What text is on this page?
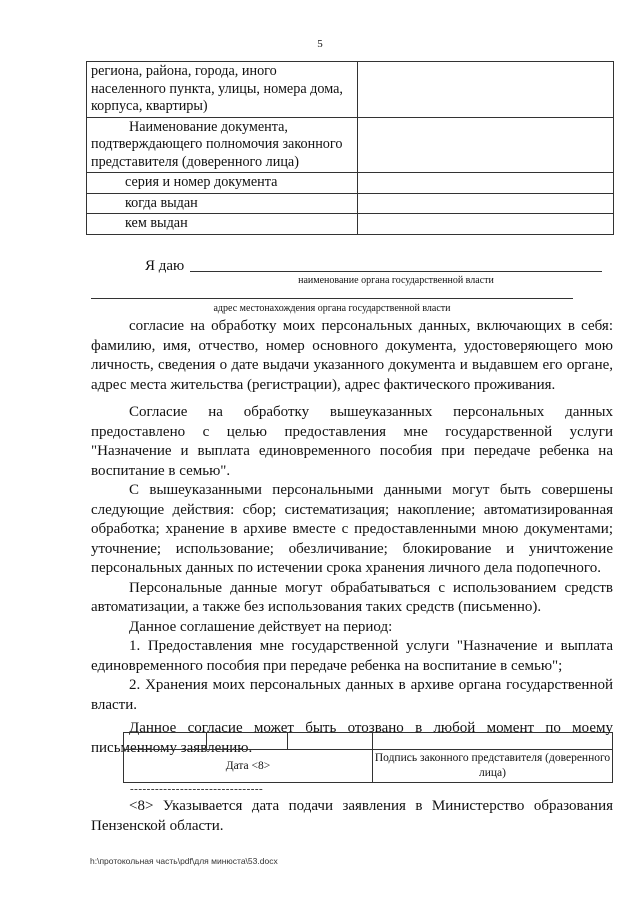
5
региона, района, города, иного населенного пункта, улицы, номера дома, корпуса, квартиры)	
Наименование документа, подтверждающего полномочия законного представителя (доверенного лица)	
серия и номер документа	
когда выдан	
кем выдан	
Я даю
наименование органа государственной власти
адрес местонахождения органа государственной власти

согласие на обработку моих персональных данных, включающих в себя: фамилию, имя, отчество, номер основного документа, удостоверяющего мою личность, сведения о дате выдачи указанного документа и выдавшем его органе, адрес места жительства (регистрации), адрес фактического проживания.

Согласие на обработку вышеуказанных персональных данных предоставлено с целью предоставления мне государственной услуги "Назначение и выплата единовременного пособия при передаче ребенка на воспитание в семью".

С вышеуказанными персональными данными могут быть совершены следующие действия: сбор; систематизация; накопление; автоматизированная обработка; хранение в архиве вместе с предоставленными мною документами; уточнение; использование; обезличивание; блокирование и уничтожение персональных данных по истечении срока хранения личного дела подопечного.

Персональные данные могут обрабатываться с использованием средств автоматизации, а также без использования таких средств (письменно).

Данное соглашение действует на период:

1. Предоставления мне государственной услуги "Назначение и выплата единовременного пособия при передаче ребенка на воспитание в семью";

2. Хранения моих персональных данных в архиве органа государственной власти.

Данное согласие может быть отозвано в любой момент по моему письменному заявлению.

Дата <8>			Подпись законного представителя (доверенного лица)
--------------------------------

<8> Указывается дата подачи заявления в Министерство образования Пензенской области.

h:\протокольная часть\pdf\для минюста\53.docx
